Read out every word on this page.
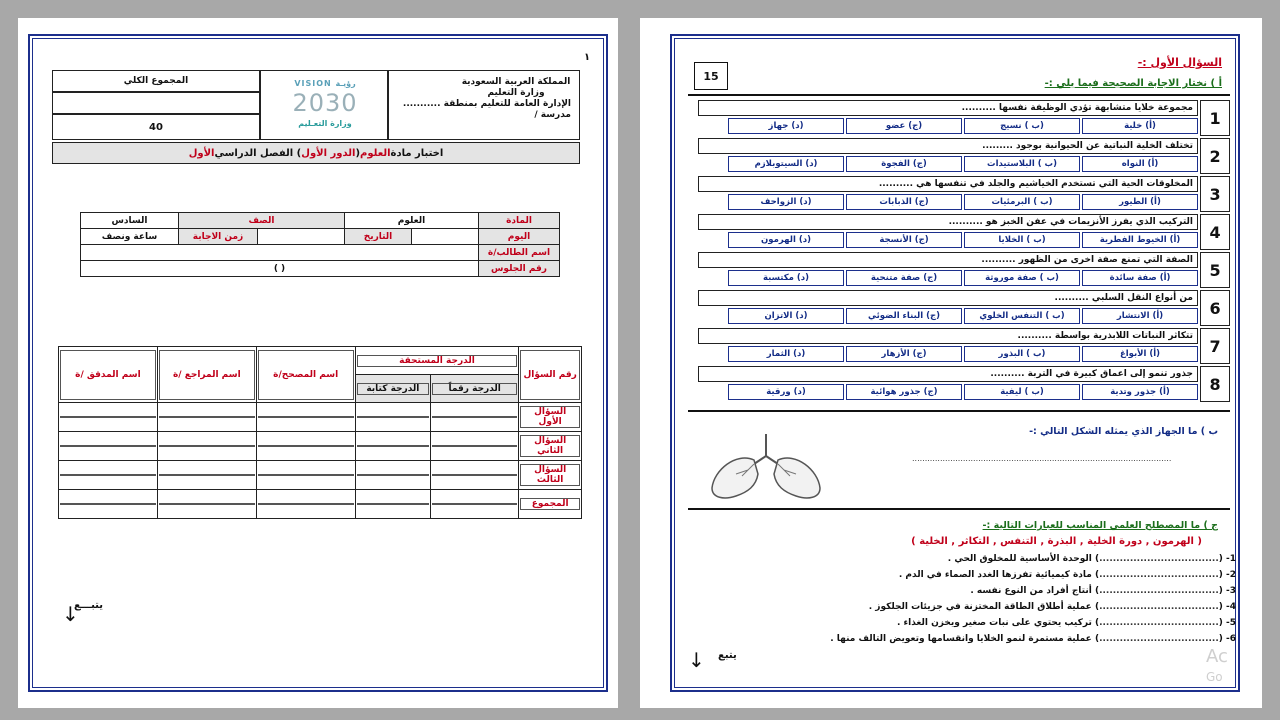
١
المملكة العربية السعودية
وزارة التعليم
الإدارة العامة للتعليم بمنطقة ...........
مدرسة /
VISION رؤيـة
2030
وزارة التعـليم
المجموع الكلي
40
اختبار مادة
العلوم
(
الدور الأول
) الفصل الدراسي
الأول
المادة	العلوم		الصف		السادس
اليوم		التاريخ		زمن الاجابة	ساعة ونصف
اسم الطالب/ة					
رقم الجلوس	( )				
رقم السؤال	الدرجة المستحقة		اسم المصحح/ة	اسم المراجع /ة	اسم المدقق /ة

الدرجة رقماً	الدرجة كتابة			

السؤال الأول					

السؤال الثاني					

السؤال الثالث					

المجموع					

يتبـــع
↓
السؤال الأول :-
15
أ ) نختار الاجابة الصحيحة فيما يلي :-
1
مجموعة خلايا متشابهة تؤدي الوظيفة نفسها ..........
(أ) خلية
(ب ) نسيج
(ج) عضو
(د) جهاز
2
تختلف الخلية النباتية عن الحيوانية بوجود .........
(أ) النواه
(ب ) البلاستيدات
(ج) الفجوة
(د) السيتوبلازم
3
المخلوقات الحية التي تستخدم الخياشيم والجلد في تنفسها هي ..........
(أ) الطيور
(ب ) البرمئيات
(ج) الذبابات
(د) الزواحف
4
التركيب الذي يفرز الأنزيمات في عفن الخبز هو ..........
(أ) الخيوط الفطرية
(ب ) الخلايا
(ج) الأنسجة
(د) الهرمون
5
الصفة التي تمنع صفة اخرى من الظهور ..........
(أ) صفة سائدة
(ب ) صفة موروثة
(ج) صفة متنحية
(د) مكتسبة
6
من أنواع النقل السلبي ..........
(أ) الانتشار
(ب ) التنفس الخلوي
(ج) البناء الضوئي
(د) الاتزان
7
تتكاثر النباتات اللابذرية بواسطة ..........
(أ) الأبواغ
(ب ) البذور
(ج) الأزهار
(د) الثمار
8
جذور تنمو إلى اعماق كبيرة في التربة ..........
(أ) جذور وتدية
(ب ) ليفية
(ج) جذور هوائية
(د) ورقية
ب ) ما الجهاز الذي يمثله الشكل التالي :-
......................................................................................................
ج ) ما المصطلح العلمي المناسب للعبارات التالية :-
( الهرمون , دورة الخلية , البذرة , التنفس , التكاثر , الخلية )
1- (...................................) الوحدة الأساسية للمخلوق الحي .
2- (...................................) مادة كيميائية تفرزها الغدد الصماء في الدم .
3- (...................................) أنتاج أفراد من النوع نفسه .
4- (...................................) عملية أطلاق الطاقة المختزنة في جزيئات الجلكوز .
5- (...................................) تركيب يحتوي على نبات صغير ويخزن الغذاء .
6- (...................................) عملية مستمرة لنمو الخلايا وانقسامها وتعويض التالف منها .
يتبع
↓	Ac
Go
